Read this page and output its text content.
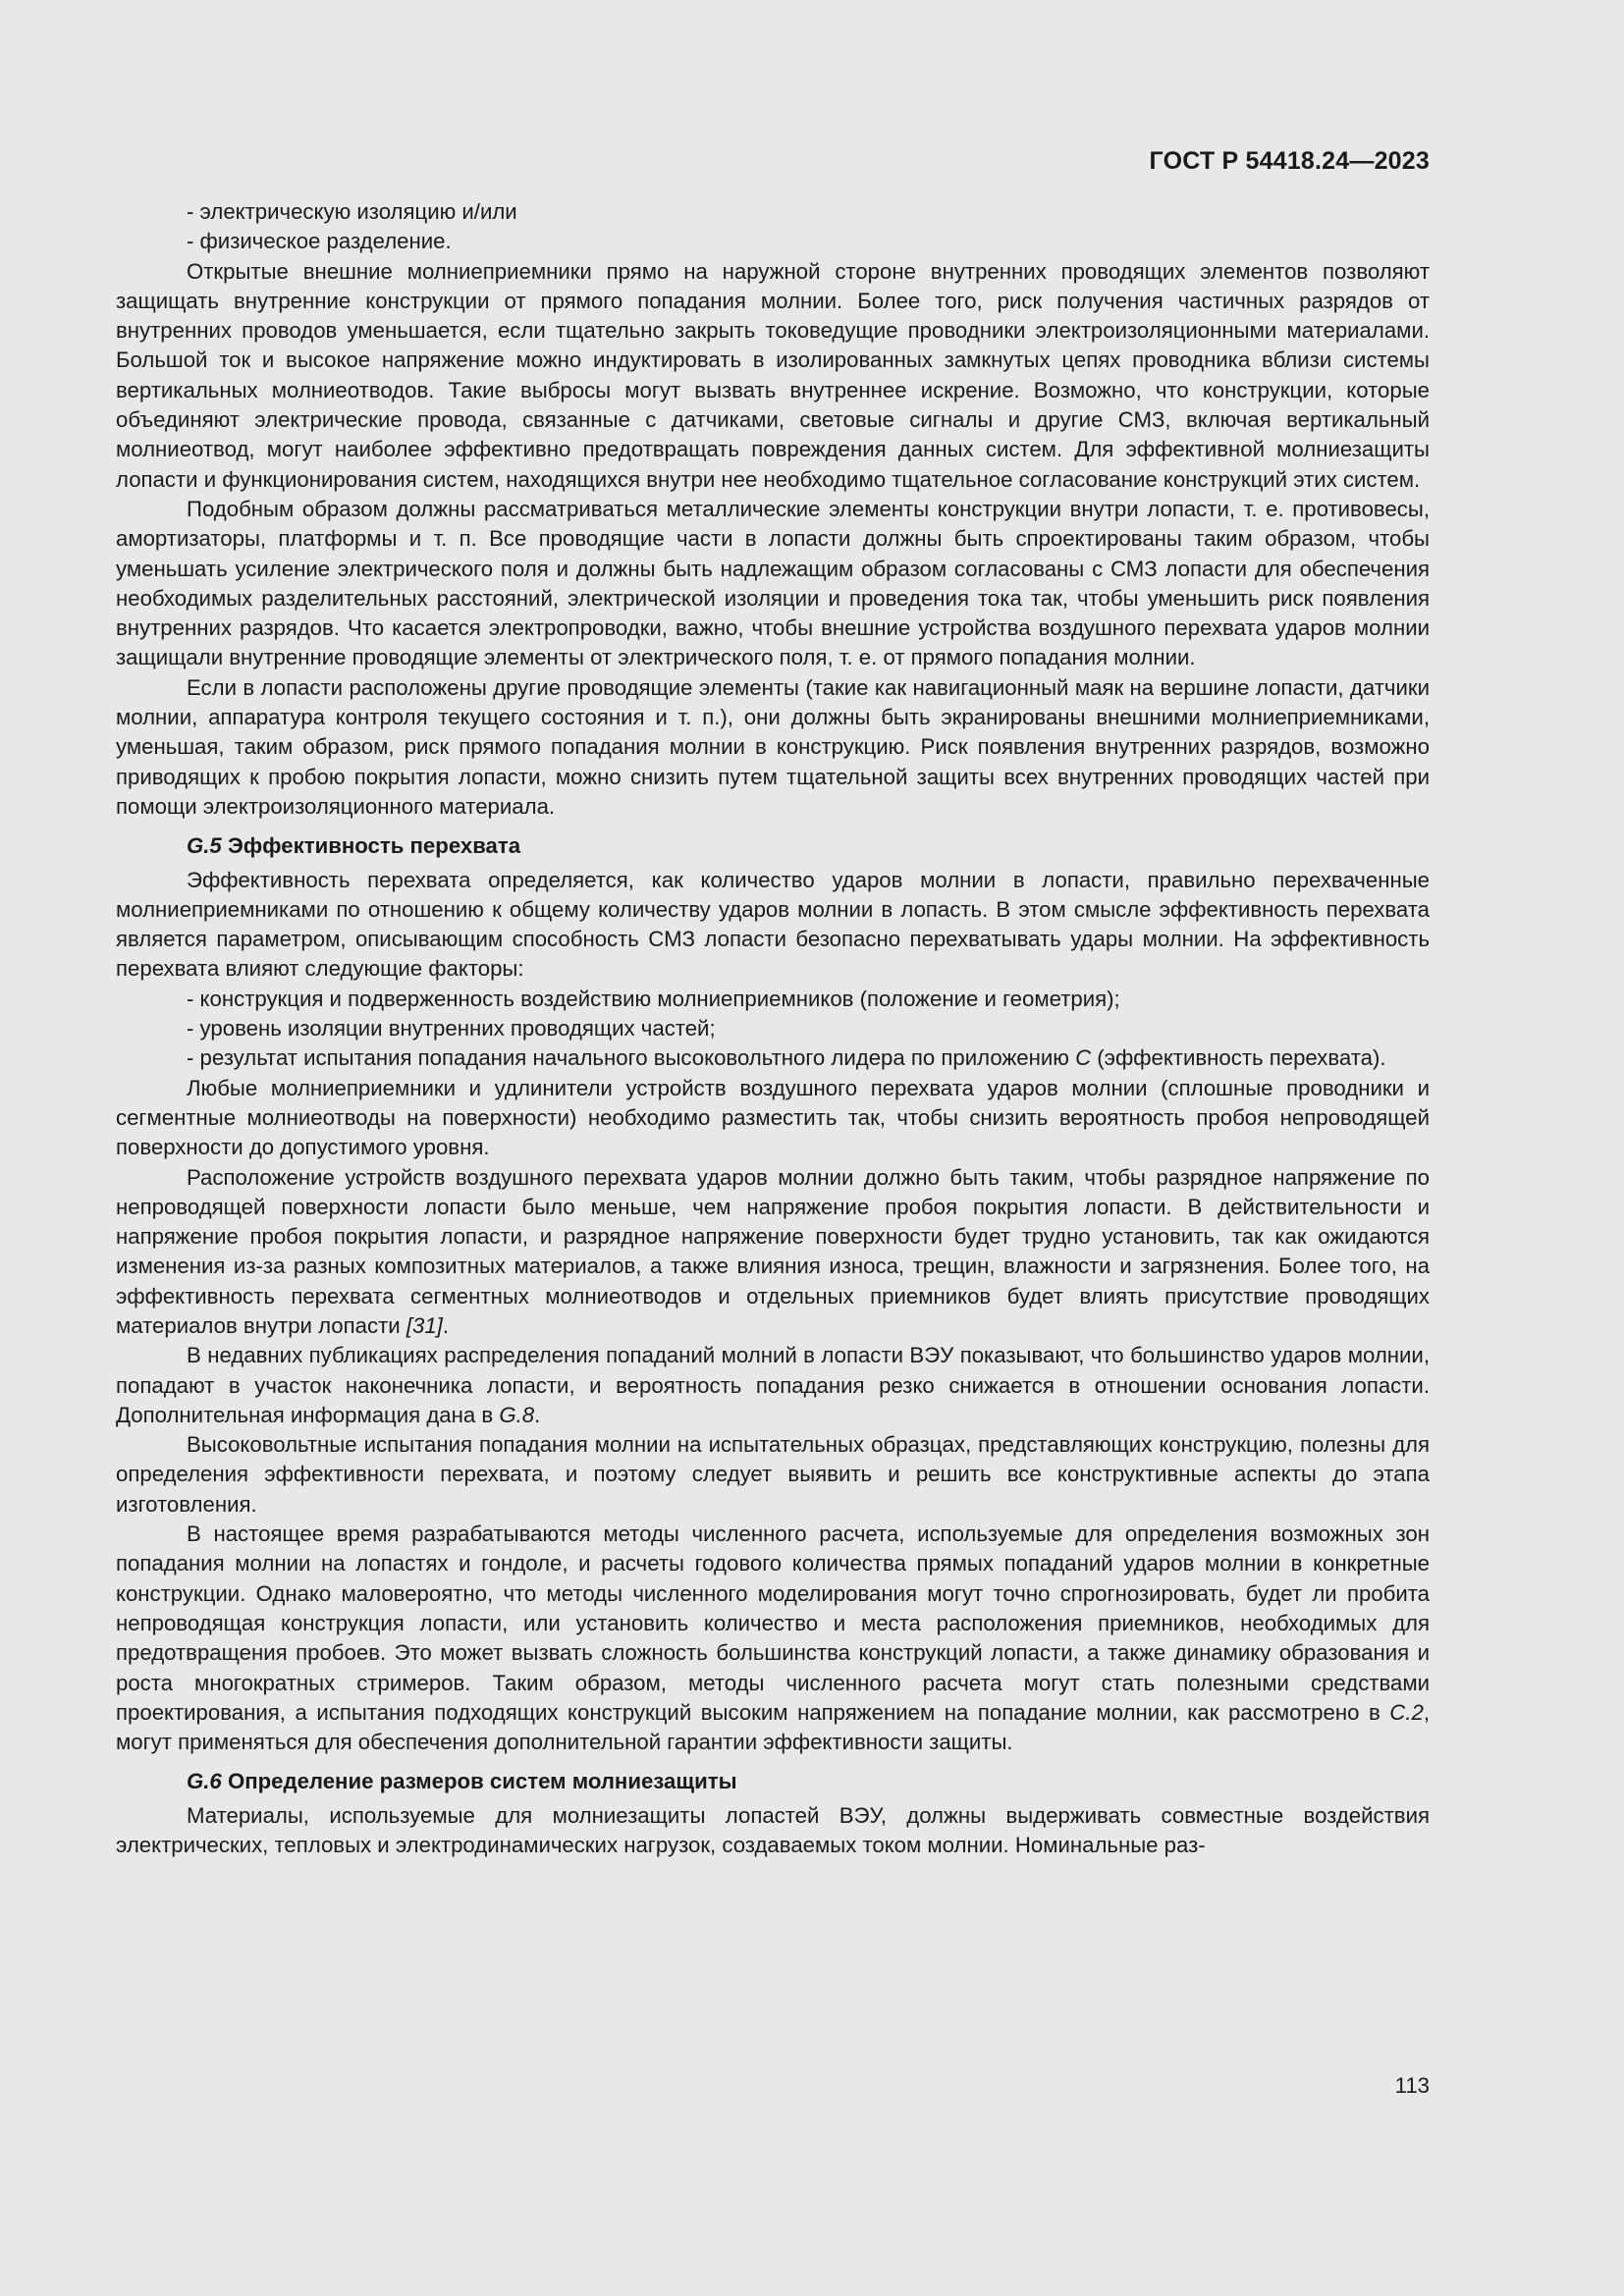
ГОСТ Р 54418.24—2023

- электрическую изоляцию и/или

- физическое разделение.

Открытые внешние молниеприемники прямо на наружной стороне внутренних проводящих элементов позволяют защищать внутренние конструкции от прямого попадания молнии. Более того, риск получения частичных разрядов от внутренних проводов уменьшается, если тщательно закрыть токоведущие проводники электроизоляционными материалами. Большой ток и высокое напряжение можно индуктировать в изолированных замкнутых цепях проводника вблизи системы вертикальных молниеотводов. Такие выбросы могут вызвать внутреннее искрение. Возможно, что конструкции, которые объединяют электрические провода, связанные с датчиками, световые сигналы и другие СМЗ, включая вертикальный молниеотвод, могут наиболее эффективно предотвращать повреждения данных систем. Для эффективной молниезащиты лопасти и функционирования систем, находящихся внутри нее необходимо тщательное согласование конструкций этих систем.

Подобным образом должны рассматриваться металлические элементы конструкции внутри лопасти, т. е. противовесы, амортизаторы, платформы и т. п. Все проводящие части в лопасти должны быть спроектированы таким образом, чтобы уменьшать усиление электрического поля и должны быть надлежащим образом согласованы с СМЗ лопасти для обеспечения необходимых разделительных расстояний, электрической изоляции и проведения тока так, чтобы уменьшить риск появления внутренних разрядов. Что касается электропроводки, важно, чтобы внешние устройства воздушного перехвата ударов молнии защищали внутренние проводящие элементы от электрического поля, т. е. от прямого попадания молнии.

Если в лопасти расположены другие проводящие элементы (такие как навигационный маяк на вершине лопасти, датчики молнии, аппаратура контроля текущего состояния и т. п.), они должны быть экранированы внешними молниеприемниками, уменьшая, таким образом, риск прямого попадания молнии в конструкцию. Риск появления внутренних разрядов, возможно приводящих к пробою покрытия лопасти, можно снизить путем тщательной защиты всех внутренних проводящих частей при помощи электроизоляционного материала.

G.5 Эффективность перехвата

Эффективность перехвата определяется, как количество ударов молнии в лопасти, правильно перехваченные молниеприемниками по отношению к общему количеству ударов молнии в лопасть. В этом смысле эффективность перехвата является параметром, описывающим способность СМЗ лопасти безопасно перехватывать удары молнии. На эффективность перехвата влияют следующие факторы:

- конструкция и подверженность воздействию молниеприемников (положение и геометрия);

- уровень изоляции внутренних проводящих частей;

- результат испытания попадания начального высоковольтного лидера по приложению С (эффективность перехвата).

Любые молниеприемники и удлинители устройств воздушного перехвата ударов молнии (сплошные проводники и сегментные молниеотводы на поверхности) необходимо разместить так, чтобы снизить вероятность пробоя непроводящей поверхности до допустимого уровня.

Расположение устройств воздушного перехвата ударов молнии должно быть таким, чтобы разрядное напряжение по непроводящей поверхности лопасти было меньше, чем напряжение пробоя покрытия лопасти. В действительности и напряжение пробоя покрытия лопасти, и разрядное напряжение поверхности будет трудно установить, так как ожидаются изменения из-за разных композитных материалов, а также влияния износа, трещин, влажности и загрязнения. Более того, на эффективность перехвата сегментных молниеотводов и отдельных приемников будет влиять присутствие проводящих материалов внутри лопасти [31].

В недавних публикациях распределения попаданий молний в лопасти ВЭУ показывают, что большинство ударов молнии, попадают в участок наконечника лопасти, и вероятность попадания резко снижается в отношении основания лопасти. Дополнительная информация дана в G.8.

Высоковольтные испытания попадания молнии на испытательных образцах, представляющих конструкцию, полезны для определения эффективности перехвата, и поэтому следует выявить и решить все конструктивные аспекты до этапа изготовления.

В настоящее время разрабатываются методы численного расчета, используемые для определения возможных зон попадания молнии на лопастях и гондоле, и расчеты годового количества прямых попаданий ударов молнии в конкретные конструкции. Однако маловероятно, что методы численного моделирования могут точно спрогнозировать, будет ли пробита непроводящая конструкция лопасти, или установить количество и места расположения приемников, необходимых для предотвращения пробоев. Это может вызвать сложность большинства конструкций лопасти, а также динамику образования и роста многократных стримеров. Таким образом, методы численного расчета могут стать полезными средствами проектирования, а испытания подходящих конструкций высоким напряжением на попадание молнии, как рассмотрено в С.2, могут применяться для обеспечения дополнительной гарантии эффективности защиты.

G.6 Определение размеров систем молниезащиты

Материалы, используемые для молниезащиты лопастей ВЭУ, должны выдерживать совместные воздействия электрических, тепловых и электродинамических нагрузок, создаваемых током молнии. Номинальные раз-

113
